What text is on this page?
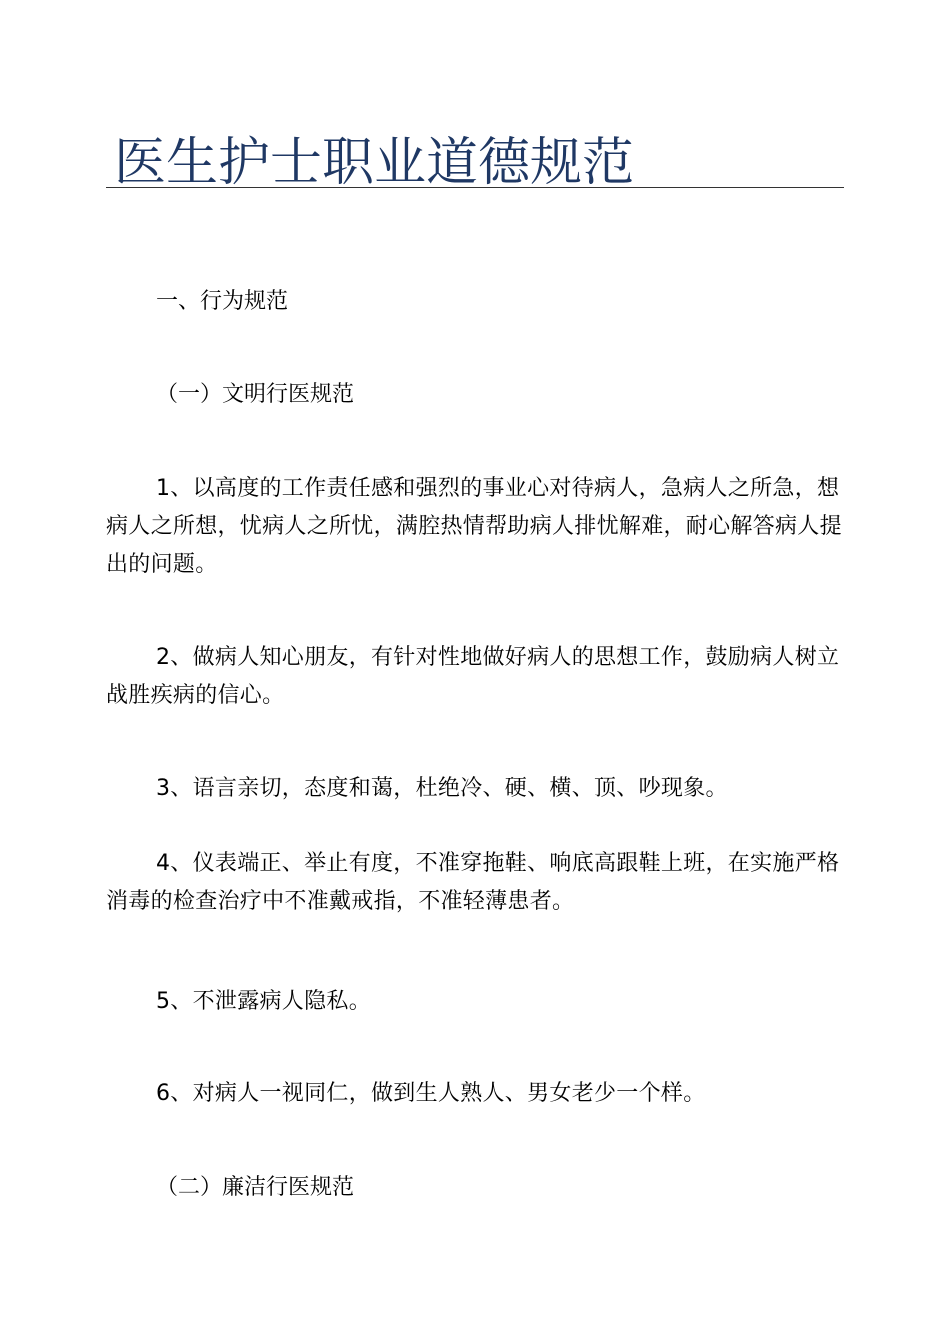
医生护士职业道德规范
一、行为规范
（一）文明行医规范
1、以高度的工作责任感和强烈的事业心对待病人，急病人之所急，想病人之所想，忧病人之所忧，满腔热情帮助病人排忧解难，耐心解答病人提出的问题。
2、做病人知心朋友，有针对性地做好病人的思想工作，鼓励病人树立战胜疾病的信心。
3、语言亲切，态度和蔼，杜绝冷、硬、横、顶、吵现象。
4、仪表端正、举止有度，不准穿拖鞋、响底高跟鞋上班，在实施严格消毒的检查治疗中不准戴戒指，不准轻薄患者。
5、不泄露病人隐私。
6、对病人一视同仁，做到生人熟人、男女老少一个样。
（二）廉洁行医规范
